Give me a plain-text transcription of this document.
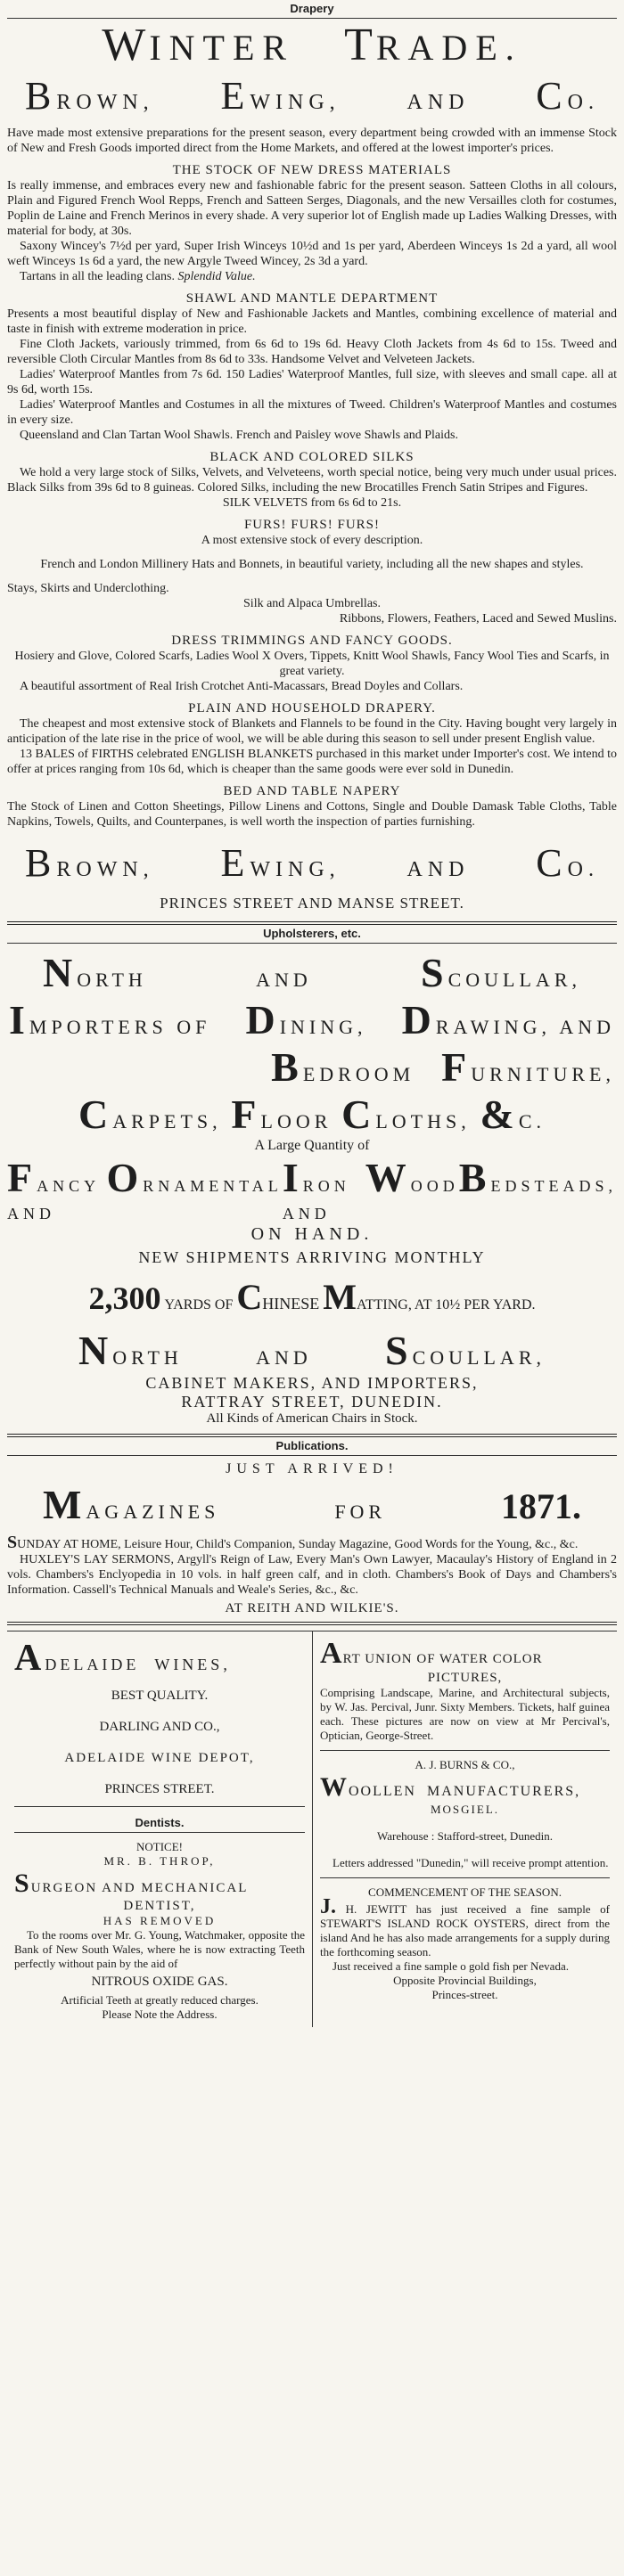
Drapery
WINTER TRADE.
BROWN, EWING,	AND CO.

Have made most extensive preparations for the present season, every department being crowded with an immense Stock of New and Fresh Goods imported direct from the Home Markets, and offered at the lowest importer's prices.

THE STOCK OF NEW DRESS MATERIALS

Is really immense, and embraces every new and fashionable fabric for the present season. Satteen Cloths in all colours, Plain and Figured French Wool Repps, French and Satteen Serges, Diagonals, and the new Versailles cloth for costumes, Poplin de Laine and French Merinos in every shade. A very superior lot of English made up Ladies Walking Dresses, with material for body, at 30s.

Saxony Wincey's 7½d per yard, Super Irish Winceys 10½d and 1s per yard, Aberdeen Winceys 1s 2d a yard, all wool weft Winceys 1s 6d a yard, the new Argyle Tweed Wincey, 2s 3d a yard.

Tartans in all the leading clans. Splendid Value.

SHAWL AND MANTLE DEPARTMENT

Presents a most beautiful display of New and Fashionable Jackets and Mantles, combining excellence of material and taste in finish with extreme moderation in price.

Fine Cloth Jackets, variously trimmed, from 6s 6d to 19s 6d. Heavy Cloth Jackets from 4s 6d to 15s. Tweed and reversible Cloth Circular Mantles from 8s 6d to 33s. Handsome Velvet and Velveteen Jackets.

Ladies' Waterproof Mantles from 7s 6d. 150 Ladies' Waterproof Mantles, full size, with sleeves and small cape. all at 9s 6d, worth 15s.

Ladies' Waterproof Mantles and Costumes in all the mixtures of Tweed. Children's Waterproof Mantles and costumes in every size.

Queensland and Clan Tartan Wool Shawls. French and Paisley wove Shawls and Plaids.

BLACK AND COLORED SILKS

We hold a very large stock of Silks, Velvets, and Velveteens, worth special notice, being very much under usual prices. Black Silks from 39s 6d to 8 guineas. Colored Silks, including the new Brocatilles French Satin Stripes and Figures.

SILK VELVETS from 6s 6d to 21s.

FURS! FURS! FURS!

A most extensive stock of every description.

French and London Millinery Hats and Bonnets, in beautiful variety, including all the new shapes and styles.

Stays, Skirts and Underclothing.

Silk and Alpaca Umbrellas.

Ribbons, Flowers, Feathers, Laced and Sewed Muslins.

DRESS TRIMMINGS AND FANCY GOODS.

Hosiery and Glove, Colored Scarfs, Ladies Wool X Overs, Tippets, Knitt Wool Shawls, Fancy Wool Ties and Scarfs, in great variety.

A beautiful assortment of Real Irish Crotchet Anti-Macassars, Bread Doyles and Collars.

PLAIN AND HOUSEHOLD DRAPERY.

The cheapest and most extensive stock of Blankets and Flannels to be found in the City. Having bought very largely in anticipation of the late rise in the price of wool, we will be able during this season to sell under present English value.

13 BALES of FIRTHS celebrated ENGLISH BLANKETS purchased in this market under Importer's cost. We intend to offer at prices ranging from 10s 6d, which is cheaper than the same goods were ever sold in Dunedin.

BED AND TABLE NAPERY

The Stock of Linen and Cotton Sheetings, Pillow Linens and Cottons, Single and Double Damask Table Cloths, Table Napkins, Towels, Quilts, and Counterpanes, is well worth the inspection of parties furnishing.

BROWN, EWING,	AND CO.
PRINCES STREET AND MANSE STREET.
Upholsterers, etc.
NORTH	AND	SCOULLAR,
IMPORTERS OF DINING, DRAWING, AND
BEDROOM FURNITURE,
CARPETS, FLOOR CLOTHS, &C.
A Large Quantity of
FANCY AND
ORNAMENTAL IRON AND
WOOD BEDSTEADS,
ON HAND.
NEW SHIPMENTS ARRIVING MONTHLY
2,300 YARDS OF CHINESE MATTING, AT 10½ PER YARD.
NORTH	AND SCOULLAR,
CABINET MAKERS, AND IMPORTERS,
RATTRAY STREET, DUNEDIN.
All Kinds of American Chairs in Stock.
Publications.
JUST ARRIVED!
MAGAZINES	FOR	1871.

SUNDAY AT HOME, Leisure Hour, Child's Companion, Sunday Magazine, Good Words for the Young, &c., &c.

HUXLEY'S LAY SERMONS, Argyll's Reign of Law, Every Man's Own Lawyer, Macaulay's History of England in 2 vols. Chambers's Enclyopedia in 10 vols. in half green calf, and in cloth. Chambers's Book of Days and Chambers's Information. Cassell's Technical Manuals and Weale's Series, &c., &c.

AT REITH AND WILKIE'S.
ADELAIDE WINES,
BEST QUALITY.
DARLING AND CO.,
ADELAIDE WINE DEPOT,
PRINCES STREET.
Dentists.
NOTICE!
MR. B. THROP,
SURGEON AND MECHANICAL
DENTIST,
HAS REMOVED

To the rooms over Mr. G. Young, Watchmaker, opposite the Bank of New South Wales, where he is now extracting Teeth perfectly without pain by the aid of

NITROUS OXIDE GAS.
Artificial Teeth at greatly reduced charges.
Please Note the Address.
ART UNION OF WATER COLOR
PICTURES,

Comprising Landscape, Marine, and Architectural subjects, by W. Jas. Percival, Junr. Sixty Members. Tickets, half guinea each. These pictures are now on view at Mr Percival's, Optician, George-Street.

A. J. BURNS & CO.,
WOOLLEN MANUFACTURERS,
MOSGIEL.
Warehouse : Stafford-street, Dunedin.

Letters addressed "Dunedin," will receive prompt attention.

COMMENCEMENT OF THE SEASON.

J. H. JEWITT has just received a fine sample of STEWART'S ISLAND ROCK OYSTERS, direct from the island And he has also made arrangements for a supply during the forthcoming season.

Just received a fine sample o gold fish per Nevada.

Opposite Provincial Buildings,
Princes-street.
